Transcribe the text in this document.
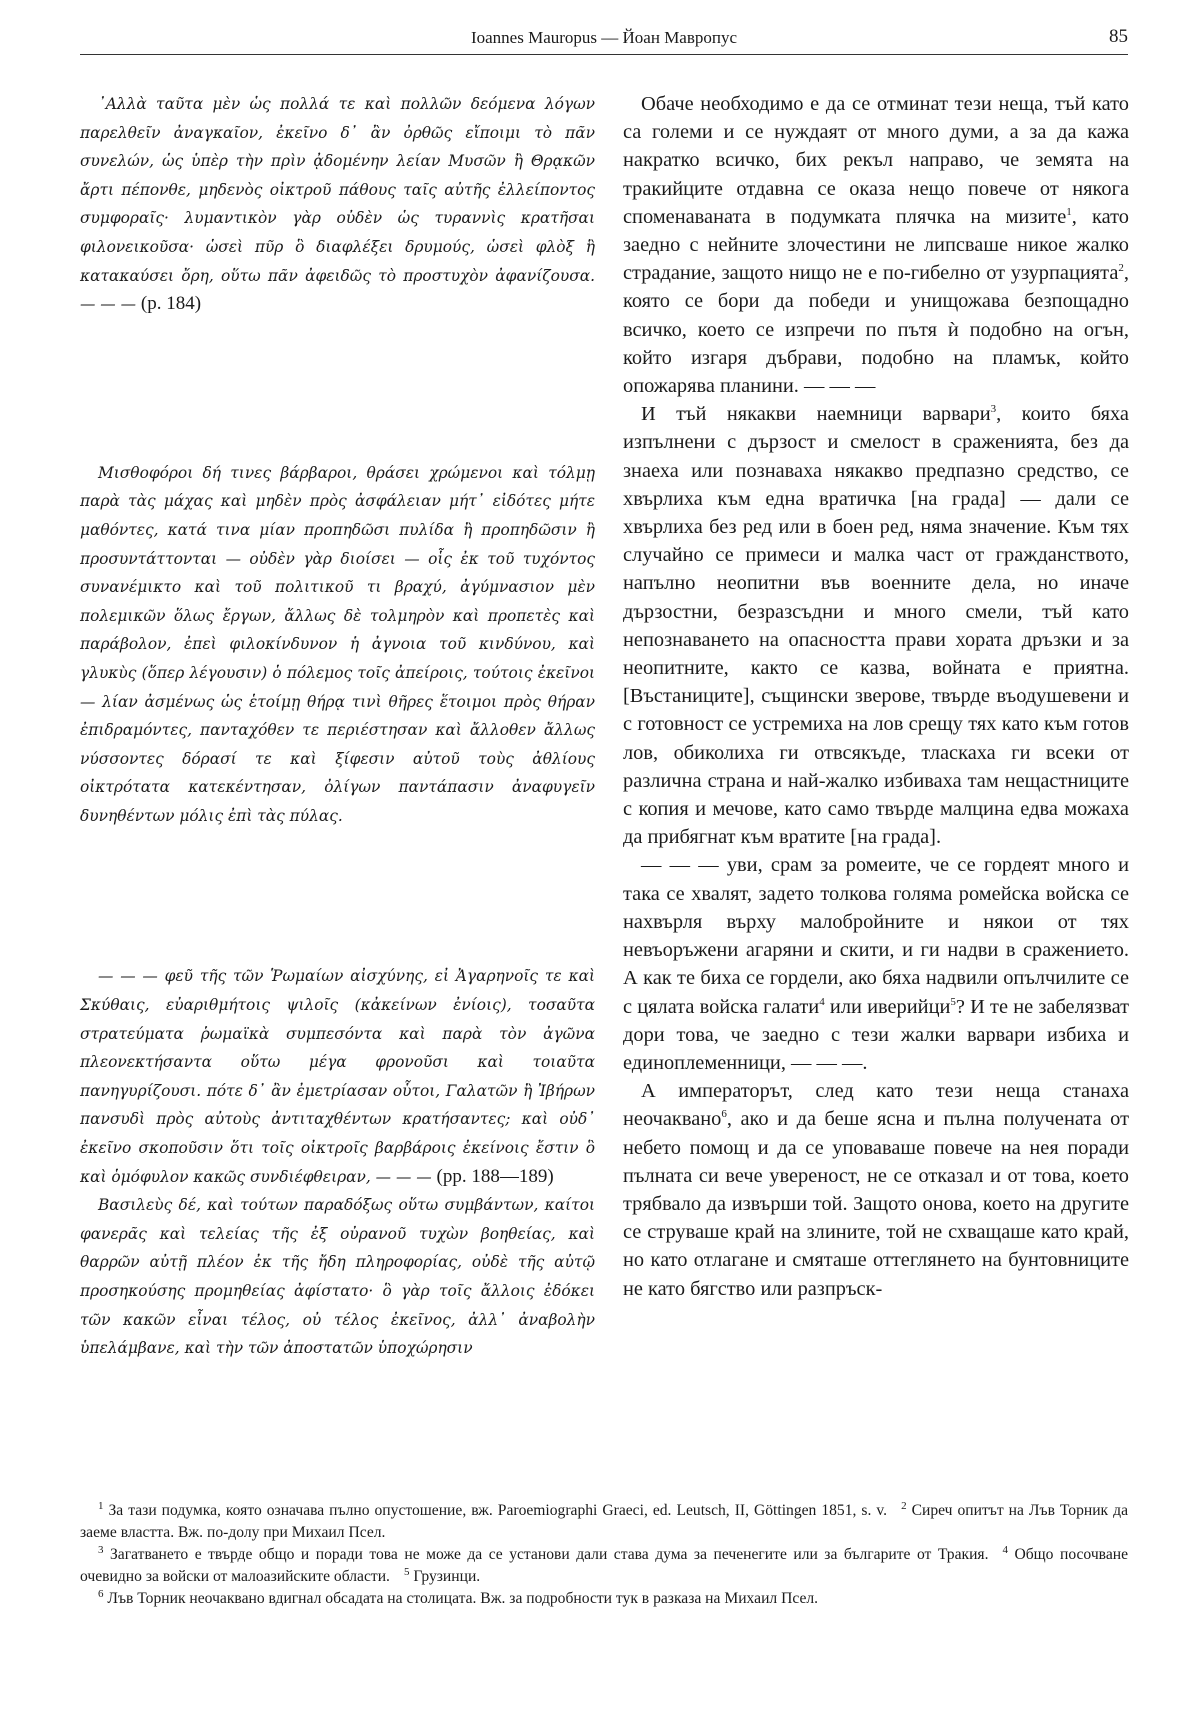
Ioannes Mauropus — Йоан Мавропус	85

᾿Αλλὰ ταῦτα μὲν ὡς πολλά τε καὶ πολλῶν δεόμενα λόγων παρελθεῖν ἀναγκαῖον, ἐκεῖνο δ᾿ ἂν ὀρθῶς εἴποιμι τὸ πᾶν συνελών, ὡς ὑπὲρ τὴν πρὶν ᾀδομένην λείαν Μυσῶν ἢ Θρᾳκῶν ἄρτι πέπονθε, μηδενὸς οἰκτροῦ πάθους ταῖς αὐτῆς ἐλλείποντος συμφοραῖς· λυμαντικὸν γὰρ οὐδὲν ὡς τυραννὶς κρατῆσαι φιλονεικοῦσα· ὡσεὶ πῦρ ὃ διαφλέξει δρυμούς, ὡσεὶ φλὸξ ἣ κατακαύσει ὄρη, οὕτω πᾶν ἀφειδῶς τὸ προστυχὸν ἀφανίζουσα. — — — (p. 184)

Μισθοφόροι δή τινες βάρβαροι, θράσει χρώμενοι καὶ τόλμῃ παρὰ τὰς μάχας καὶ μηδὲν πρὸς ἀσφάλειαν μήτ᾿ εἰδότες μήτε μαθόντες, κατά τινα μίαν προπηδῶσι πυλίδα ἢ προπηδῶσιν ἢ προσυντάττονται — οὐδὲν γὰρ διοίσει — οἷς ἐκ τοῦ τυχόντος συνανέμικτο καὶ τοῦ πολιτικοῦ τι βραχύ, ἀγύμνασιον μὲν πολεμικῶν ὅλως ἔργων, ἄλλως δὲ τολμηρὸν καὶ προπετὲς καὶ παράβολον, ἐπεὶ φιλοκίνδυνον ἡ ἀγνοια τοῦ κινδύνου, καὶ γλυκὺς (ὅπερ λέγουσιν) ὁ πόλεμος τοῖς ἀπείροις, τούτοις ἐκεῖνοι — λίαν ἀσμένως ὡς ἑτοίμῃ θήρᾳ τινὶ θῆρες ἕτοιμοι πρὸς θήραν ἐπιδραμόντες, πανταχόθεν τε περιέστησαν καὶ ἄλλοθεν ἄλλως νύσσοντες δόρασί τε καὶ ξίφεσιν αὐτοῦ τοὺς ἀθλίους οἰκτρότατα κατεκέντησαν, ὀλίγων παντάπασιν ἀναφυγεῖν δυνηθέντων μόλις ἐπὶ τὰς πύλας.

— — — φεῦ τῆς τῶν Ῥωμαίων αἰσχύνης, εἰ Ἀγαρηνοῖς τε καὶ Σκύθαις, εὐαριθμήτοις ψιλοῖς (κἀκείνων ἐνίοις), τοσαῦτα στρατεύματα ῥωμαϊκὰ συμπεσόντα καὶ παρὰ τὸν ἀγῶνα πλεονεκτήσαντα οὕτω μέγα φρονοῦσι καὶ τοιαῦτα πανηγυρίζουσι. πότε δ᾿ ἂν ἐμετρίασαν οὗτοι, Γαλατῶν ἢ Ἰβήρων πανσυδὶ πρὸς αὐτοὺς ἀντιταχθέντων κρατήσαντες; καὶ οὐδ᾿ ἐκεῖνο σκοποῦσιν ὅτι τοῖς οἰκτροῖς βαρβάροις ἐκείνοις ἔστιν ὃ καὶ ὁμόφυλον κακῶς συνδιέφθειραν, — — — (pp. 188—189)

Βασιλεὺς δέ, καὶ τούτων παραδόξως οὕτω συμβάντων, καίτοι φανερᾶς καὶ τελείας τῆς ἐξ οὐρανοῦ τυχὼν βοηθείας, καὶ θαρρῶν αὐτῇ πλέον ἐκ τῆς ἤδη πληροφορίας, οὐδὲ τῆς αὐτῷ προσηκούσης προμηθείας ἀφίστατο· ὃ γὰρ τοῖς ἄλλοις ἐδόκει τῶν κακῶν εἶναι τέλος, οὐ τέλος ἐκεῖνος, ἀλλ᾿ ἀναβολὴν ὑπελάμβανε, καὶ τὴν τῶν ἀποστατῶν ὑποχώρησιν

Обаче необходимо е да се отминат тези неща, тъй като са големи и се нуждаят от много думи, а за да кажа накратко всичко, бих рекъл направо, че земята на тракийците отдавна се оказа нещо повече от някога споменаваната в подумката плячка на мизите$^1$, като заедно с нейните злочестини не липсваше никое жалко страдание, защото нищо не е по-гибелно от узурпацията$^2$, която се бори да победи и унищожава безпощадно всичко, което се изпречи по пътя ѝ подобно на огън, който изгаря дъбрави, подобно на пламък, който опожарява планини. — — —

И тъй някакви наемници варвари$^3$, които бяха изпълнени с дързост и смелост в сраженията, без да знаеха или познаваха някакво предпазно средство, се хвърлиха към една вратичка [на града] — дали се хвърлиха без ред или в боен ред, няма значение. Към тях случайно се примеси и малка част от гражданството, напълно неопитни във военните дела, но иначе дързостни, безразсъдни и много смели, тъй като непознаването на опасността прави хората дръзки и за неопитните, както се казва, войната е приятна. [Въстаниците], същински зверове, твърде въодушевени и с готовност се устремиха на лов срещу тях като към готов лов, обиколиха ги отвсякъде, тласкаха ги всеки от различна страна и най-жалко избиваха там нещастниците с копия и мечове, като само твърде малцина едва можаха да прибягнат към вратите [на града].

— — — уви, срам за ромеите, че се гордеят много и така се хвалят, задето толкова голяма ромейска войска се нахвърля върху малобройните и някои от тях невъоръжени агаряни и скити, и ги надви в сражението. А как те биха се гордели, ако бяха надвили опълчилите се с цялата войска галати$^4$ или иверийци$^5$? И те не забелязват дори това, че заедно с тези жалки варвари избиха и единоплеменници, — — —.

А императорът, след като тези неща станаха неочаквано$^6$, ако и да беше ясна и пълна получената от небето помощ и да се уповаваше повече на нея поради пълната си вече увереност, не се отказал и от това, което трябвало да извърши той. Защото онова, което на другите се струваше край на злините, той не схващаше като край, но като отлагане и смяташе оттеглянето на бунтовниците не като бягство или разпръск-

$^1$ За тази подумка, която означава пълно опустошение, вж. Paroemiographi Graeci, ed. Leutsch, II, Göttingen 1851, s. v. $^2$ Сиреч опитът на Лъв Торник да заеме властта. Вж. по-долу при Михаил Псел.

$^3$ Загатването е твърде общо и поради това не може да се установи дали става дума за печенегите или за българите от Тракия. $^4$ Общо посочване очевидно за войски от малоазийските области. $^5$ Грузинци.

$^6$ Лъв Торник неочаквано вдигнал обсадата на столицата. Вж. за подробности тук в разказа на Михаил Псел.
